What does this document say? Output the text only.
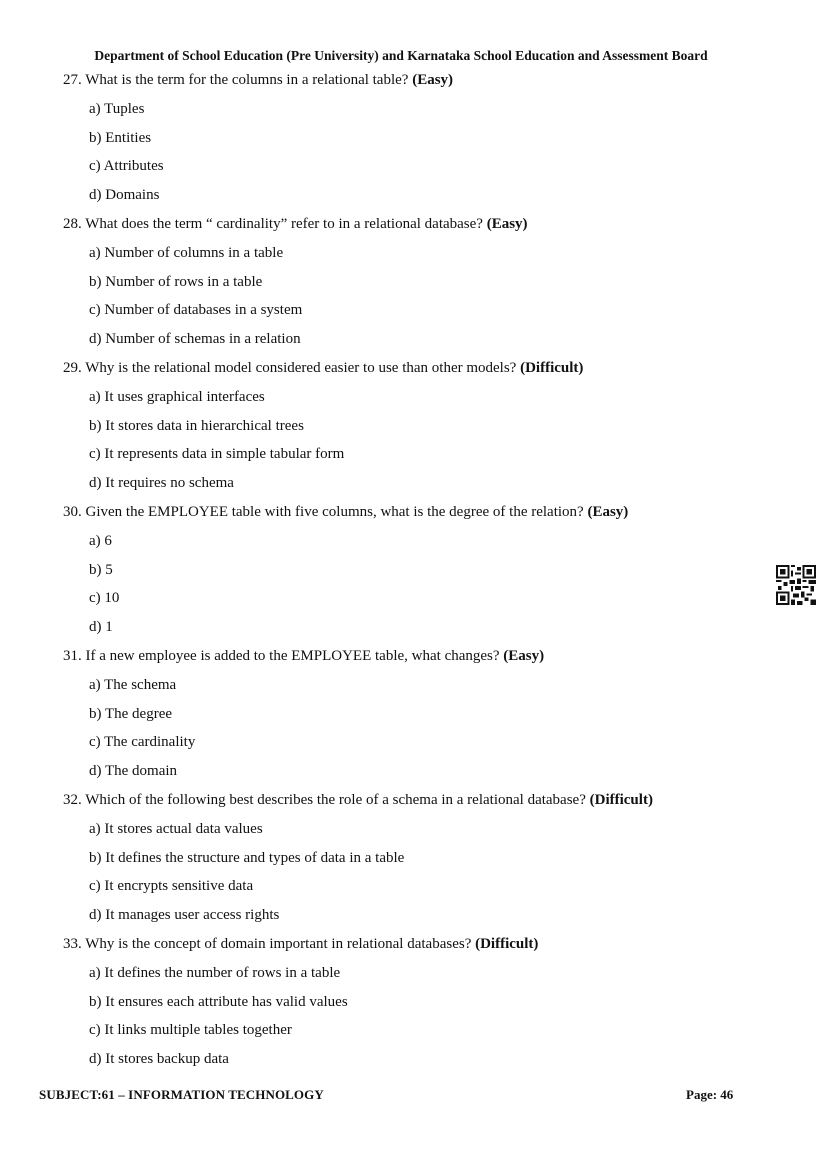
Department of School Education (Pre University) and Karnataka School Education and Assessment Board
27. What is the term for the columns in a relational table? (Easy)
a) Tuples
b) Entities
c) Attributes
d) Domains
28. What does the term “ cardinality” refer to in a relational database? (Easy)
a) Number of columns in a table
b) Number of rows in a table
c) Number of databases in a system
d) Number of schemas in a relation
29. Why is the relational model considered easier to use than other models? (Difficult)
a) It uses graphical interfaces
b) It stores data in hierarchical trees
c) It represents data in simple tabular form
d) It requires no schema
30. Given the EMPLOYEE table with five columns, what is the degree of the relation? (Easy)
a) 6
b) 5
c) 10
d) 1
31. If a new employee is added to the EMPLOYEE table, what changes? (Easy)
a) The schema
b) The degree
c) The cardinality
d) The domain
32. Which of the following best describes the role of a schema in a relational database? (Difficult)
a) It stores actual data values
b) It defines the structure and types of data in a table
c) It encrypts sensitive data
d) It manages user access rights
33. Why is the concept of domain important in relational databases? (Difficult)
a) It defines the number of rows in a table
b) It ensures each attribute has valid values
c) It links multiple tables together
d) It stores backup data
SUBJECT:61 – INFORMATION TECHNOLOGY	Page: 46
